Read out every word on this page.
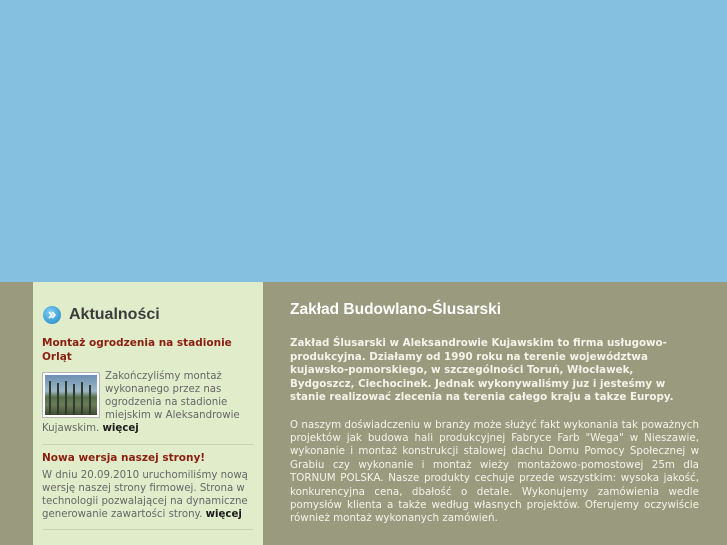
Aktualności
Montaż ogrodzenia na stadionie Orląt
Zakończyliśmy montaż wykonanego przez nas ogrodzenia na stadionie miejskim w Aleksandrowie Kujawskim. więcej
Nowa wersja naszej strony!
W dniu 20.09.2010 uruchomiliśmy nową wersję naszej strony firmowej. Strona w technologii pozwalającej na dynamiczne generowanie zawartości strony. więcej
Zakład Budowlano-Ślusarski
Zakład Ślusarski w Aleksandrowie Kujawskim to firma usługowo-produkcyjna. Działamy od 1990 roku na terenie województwa kujawsko-pomorskiego, w szczególności Toruń, Włocławek, Bydgoszcz, Ciechocinek. Jednak wykonywaliśmy juz i jesteśmy w stanie realizować zlecenia na terenia całego kraju a takze Europy.
O naszym doświadczeniu w branży może służyć fakt wykonania tak poważnych projektów jak budowa hali produkcyjnej Fabryce Farb "Wega" w Nieszawie, wykonanie i montaż konstrukcji stalowej dachu Domu Pomocy Społecznej w Grabiu czy wykonanie i montaż wieży montażowo-pomostowej 25m dla TORNUM POLSKA. Nasze produkty cechuje przede wszystkim: wysoka jakość, konkurencyjna cena, dbałość o detale. Wykonujemy zamówienia wedle pomysłów klienta a także według własnych projektów. Oferujemy oczywiście również montaż wykonanych zamówień.
